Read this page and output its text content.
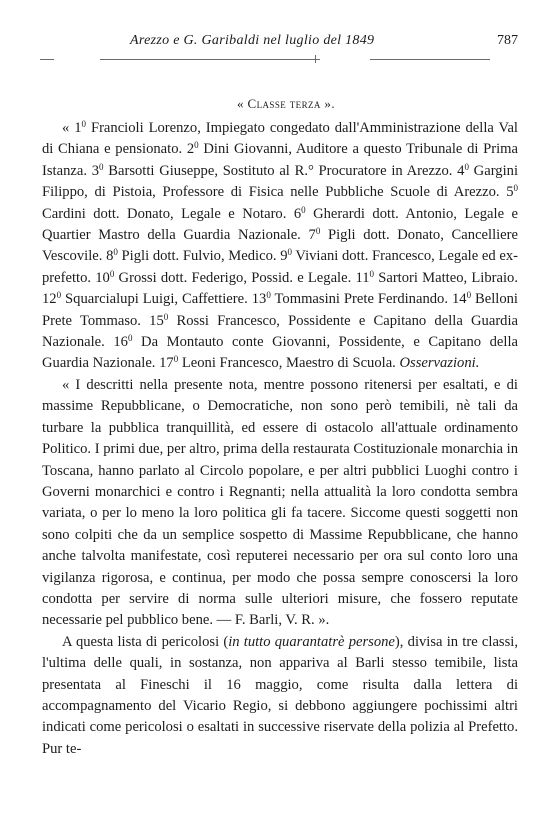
Arezzo e G. Garibaldi nel luglio del 1849	787
« Classe terza ».

« $1^0$ Francioli Lorenzo, Impiegato congedato dall'Amministrazione della Val di Chiana e pensionato. $2^0$ Dini Giovanni, Auditore a questo Tribunale di Prima Istanza. $3^0$ Barsotti Giuseppe, Sostituto al R.° Procuratore in Arezzo. $4^0$ Gargini Filippo, di Pistoia, Professore di Fisica nelle Pubbliche Scuole di Arezzo. $5^0$ Cardini dott. Donato, Legale e Notaro. $6^0$ Gherardi dott. Antonio, Legale e Quartier Mastro della Guardia Nazionale. $7^0$ Pigli dott. Donato, Cancelliere Vescovile. $8^0$ Pigli dott. Fulvio, Medico. $9^0$ Viviani dott. Francesco, Legale ed ex-prefetto. $10^0$ Grossi dott. Federigo, Possid. e Legale. $11^0$ Sartori Matteo, Libraio. $12^0$ Squarcialupi Luigi, Caffettiere. $13^0$ Tommasini Prete Ferdinando. $14^0$ Belloni Prete Tommaso. $15^0$ Rossi Francesco, Possidente e Capitano della Guardia Nazionale. $16^0$ Da Montauto conte Giovanni, Possidente, e Capitano della Guardia Nazionale. $17^0$ Leoni Francesco, Maestro di Scuola. Osservazioni.

« I descritti nella presente nota, mentre possono ritenersi per esaltati, e di massime Repubblicane, o Democratiche, non sono però temibili, nè tali da turbare la pubblica tranquillità, ed essere di ostacolo all'attuale ordinamento Politico. I primi due, per altro, prima della restaurata Costituzionale monarchia in Toscana, hanno parlato al Circolo popolare, e per altri pubblici Luoghi contro i Governi monarchici e contro i Regnanti; nella attualità la loro condotta sembra variata, o per lo meno la loro politica gli fa tacere. Siccome questi soggetti non sono colpiti che da un semplice sospetto di Massime Repubblicane, che hanno anche talvolta manifestate, così reputerei necessario per ora sul conto loro una vigilanza rigorosa, e continua, per modo che possa sempre conoscersi la loro condotta per servire di norma sulle ulteriori misure, che fossero reputate necessarie pel pubblico bene. — F. Barli, V. R. ».

A questa lista di pericolosi (in tutto quarantatrè persone), divisa in tre classi, l'ultima delle quali, in sostanza, non appariva al Barli stesso temibile, lista presentata al Fineschi il 16 maggio, come risulta dalla lettera di accompagnamento del Vicario Regio, si debbono aggiungere pochissimi altri indicati come pericolosi o esaltati in successive riservate della polizia al Prefetto. Pur te-
